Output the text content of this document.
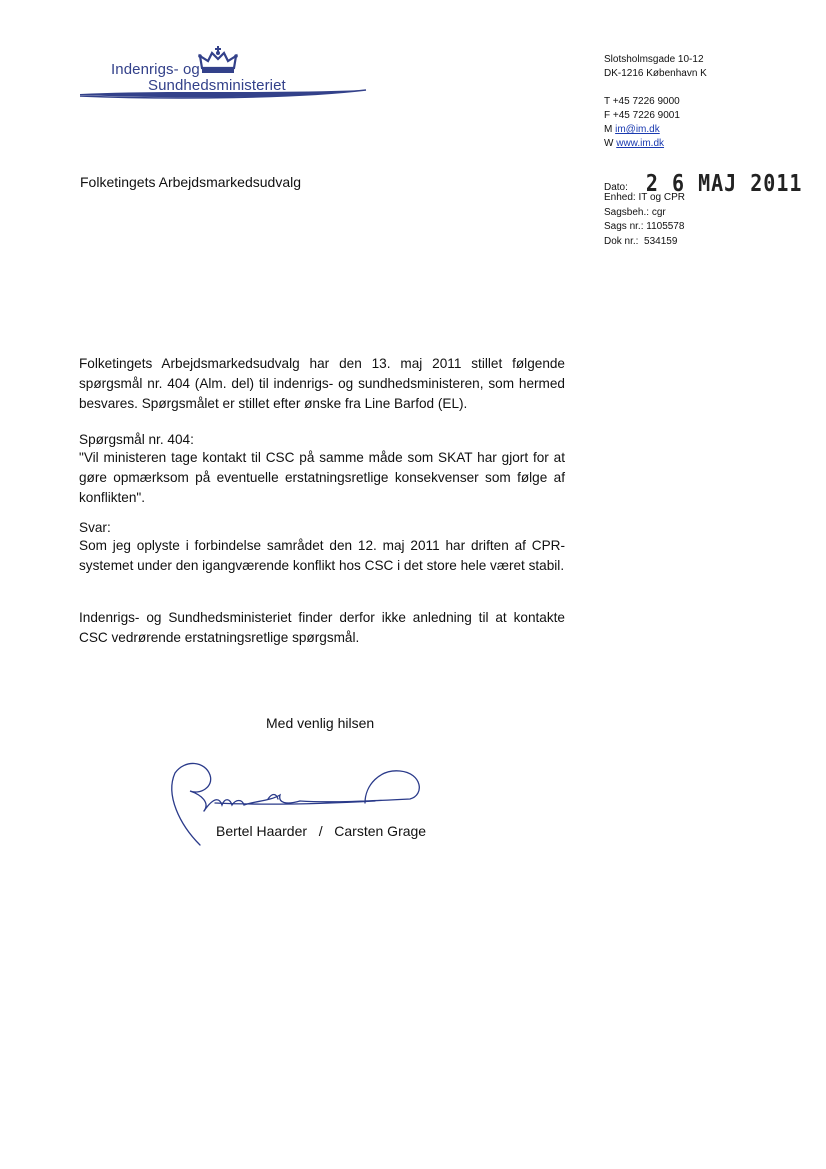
Indenrigs- og
Sundhedsministeriet
Slotsholmsgade 10-12
DK-1216 København K
T +45 7226 9000
F +45 7226 9001
M im@im.dk
W www.im.dk
Folketingets Arbejdsmarkedsudvalg	Dato: 2 6 MAJ 2011
Enhed: IT og CPR
Sagsbeh.: cgr
Sags nr.: 1105578
Dok nr.:  534159
Folketingets Arbejdsmarkedsudvalg har den 13. maj 2011 stillet følgende spørgsmål nr. 404 (Alm. del) til indenrigs- og sundhedsministeren, som hermed besvares. Spørgsmålet er stillet efter ønske fra Line Barfod (EL).
Spørgsmål nr. 404:
"Vil ministeren tage kontakt til CSC på samme måde som SKAT har gjort for at gøre opmærksom på eventuelle erstatningsretlige konsekvenser som følge af konflikten".
Svar:
Som jeg oplyste i forbindelse samrådet den 12. maj 2011 har driften af CPR-systemet under den igangværende konflikt hos CSC i det store hele været stabil.
Indenrigs- og Sundhedsministeriet finder derfor ikke anledning til at kontakte CSC vedrørende erstatningsretlige spørgsmål.
Med venlig hilsen
Bertel Haarder   /   Carsten Grage
